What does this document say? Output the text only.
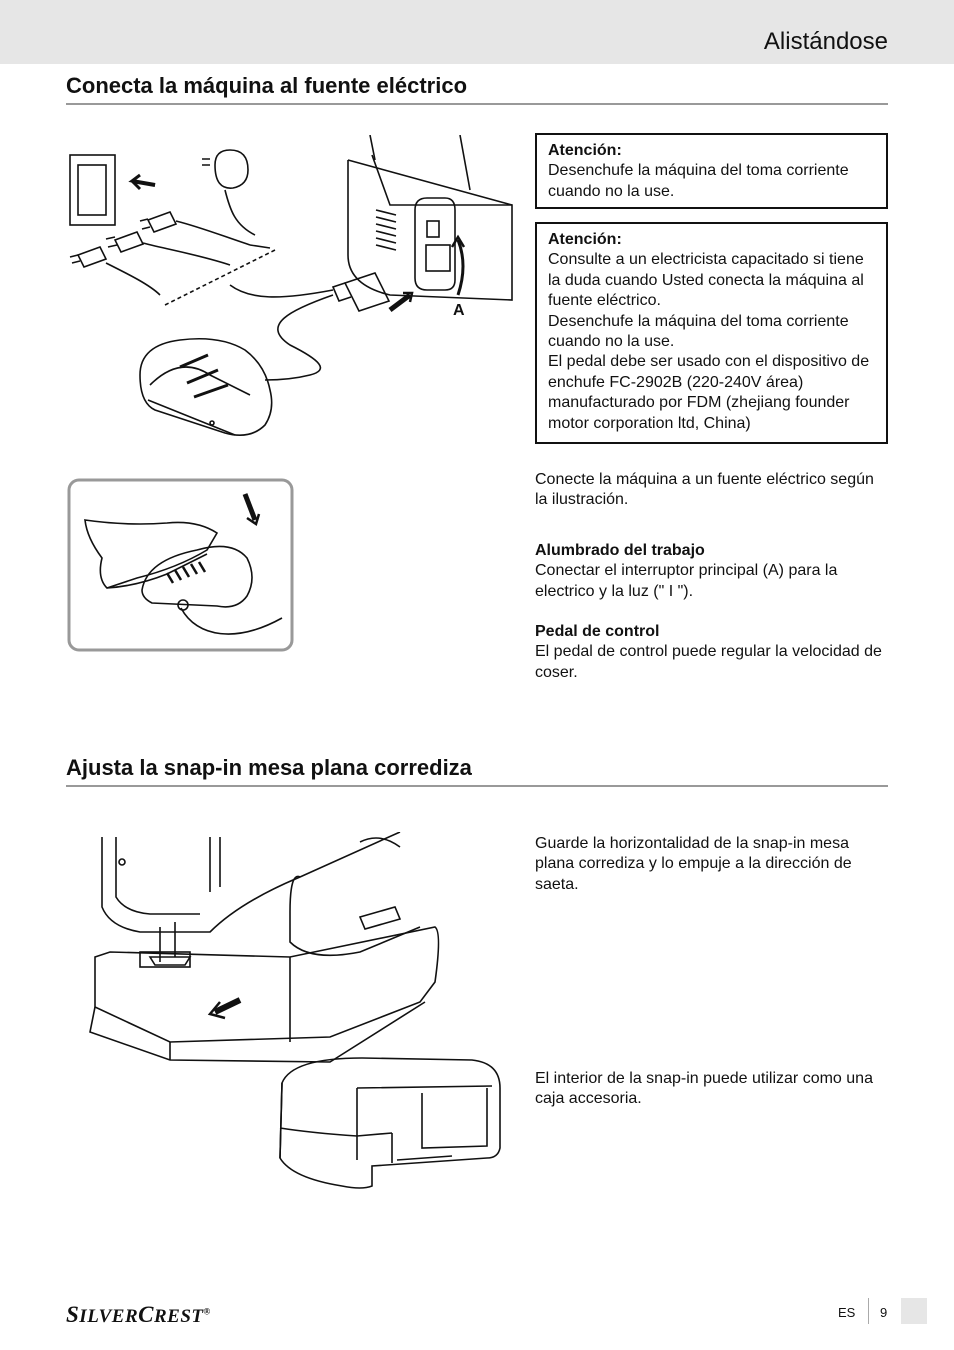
Alistándose
Conecta la máquina al fuente eléctrico
A
Atención:
Desenchufe la máquina del toma corriente cuando no la use.
Atención:
Consulte a un electricista capacitado si tiene la duda cuando Usted conecta la máquina al fuente eléctrico.
Desenchufe la máquina del toma corriente cuando no la use.
El pedal debe ser usado con el dispositivo de enchufe FC-2902B (220-240V área) manufacturado por FDM (zhejiang founder motor corporation ltd, China)
Conecte la máquina a un fuente eléctrico según la ilustración.
Alumbrado del trabajo
Conectar el interruptor principal (A) para la electrico y la luz (" I ").
Pedal de control
El pedal de control puede regular la velocidad de coser.
Ajusta la snap-in mesa plana corrediza
Guarde la horizontalidad de la snap-in mesa plana corrediza y lo empuje a la dirección de saeta.
El interior de la snap-in puede utilizar como una caja accesoria.
SILVERCREST®	ES 9
